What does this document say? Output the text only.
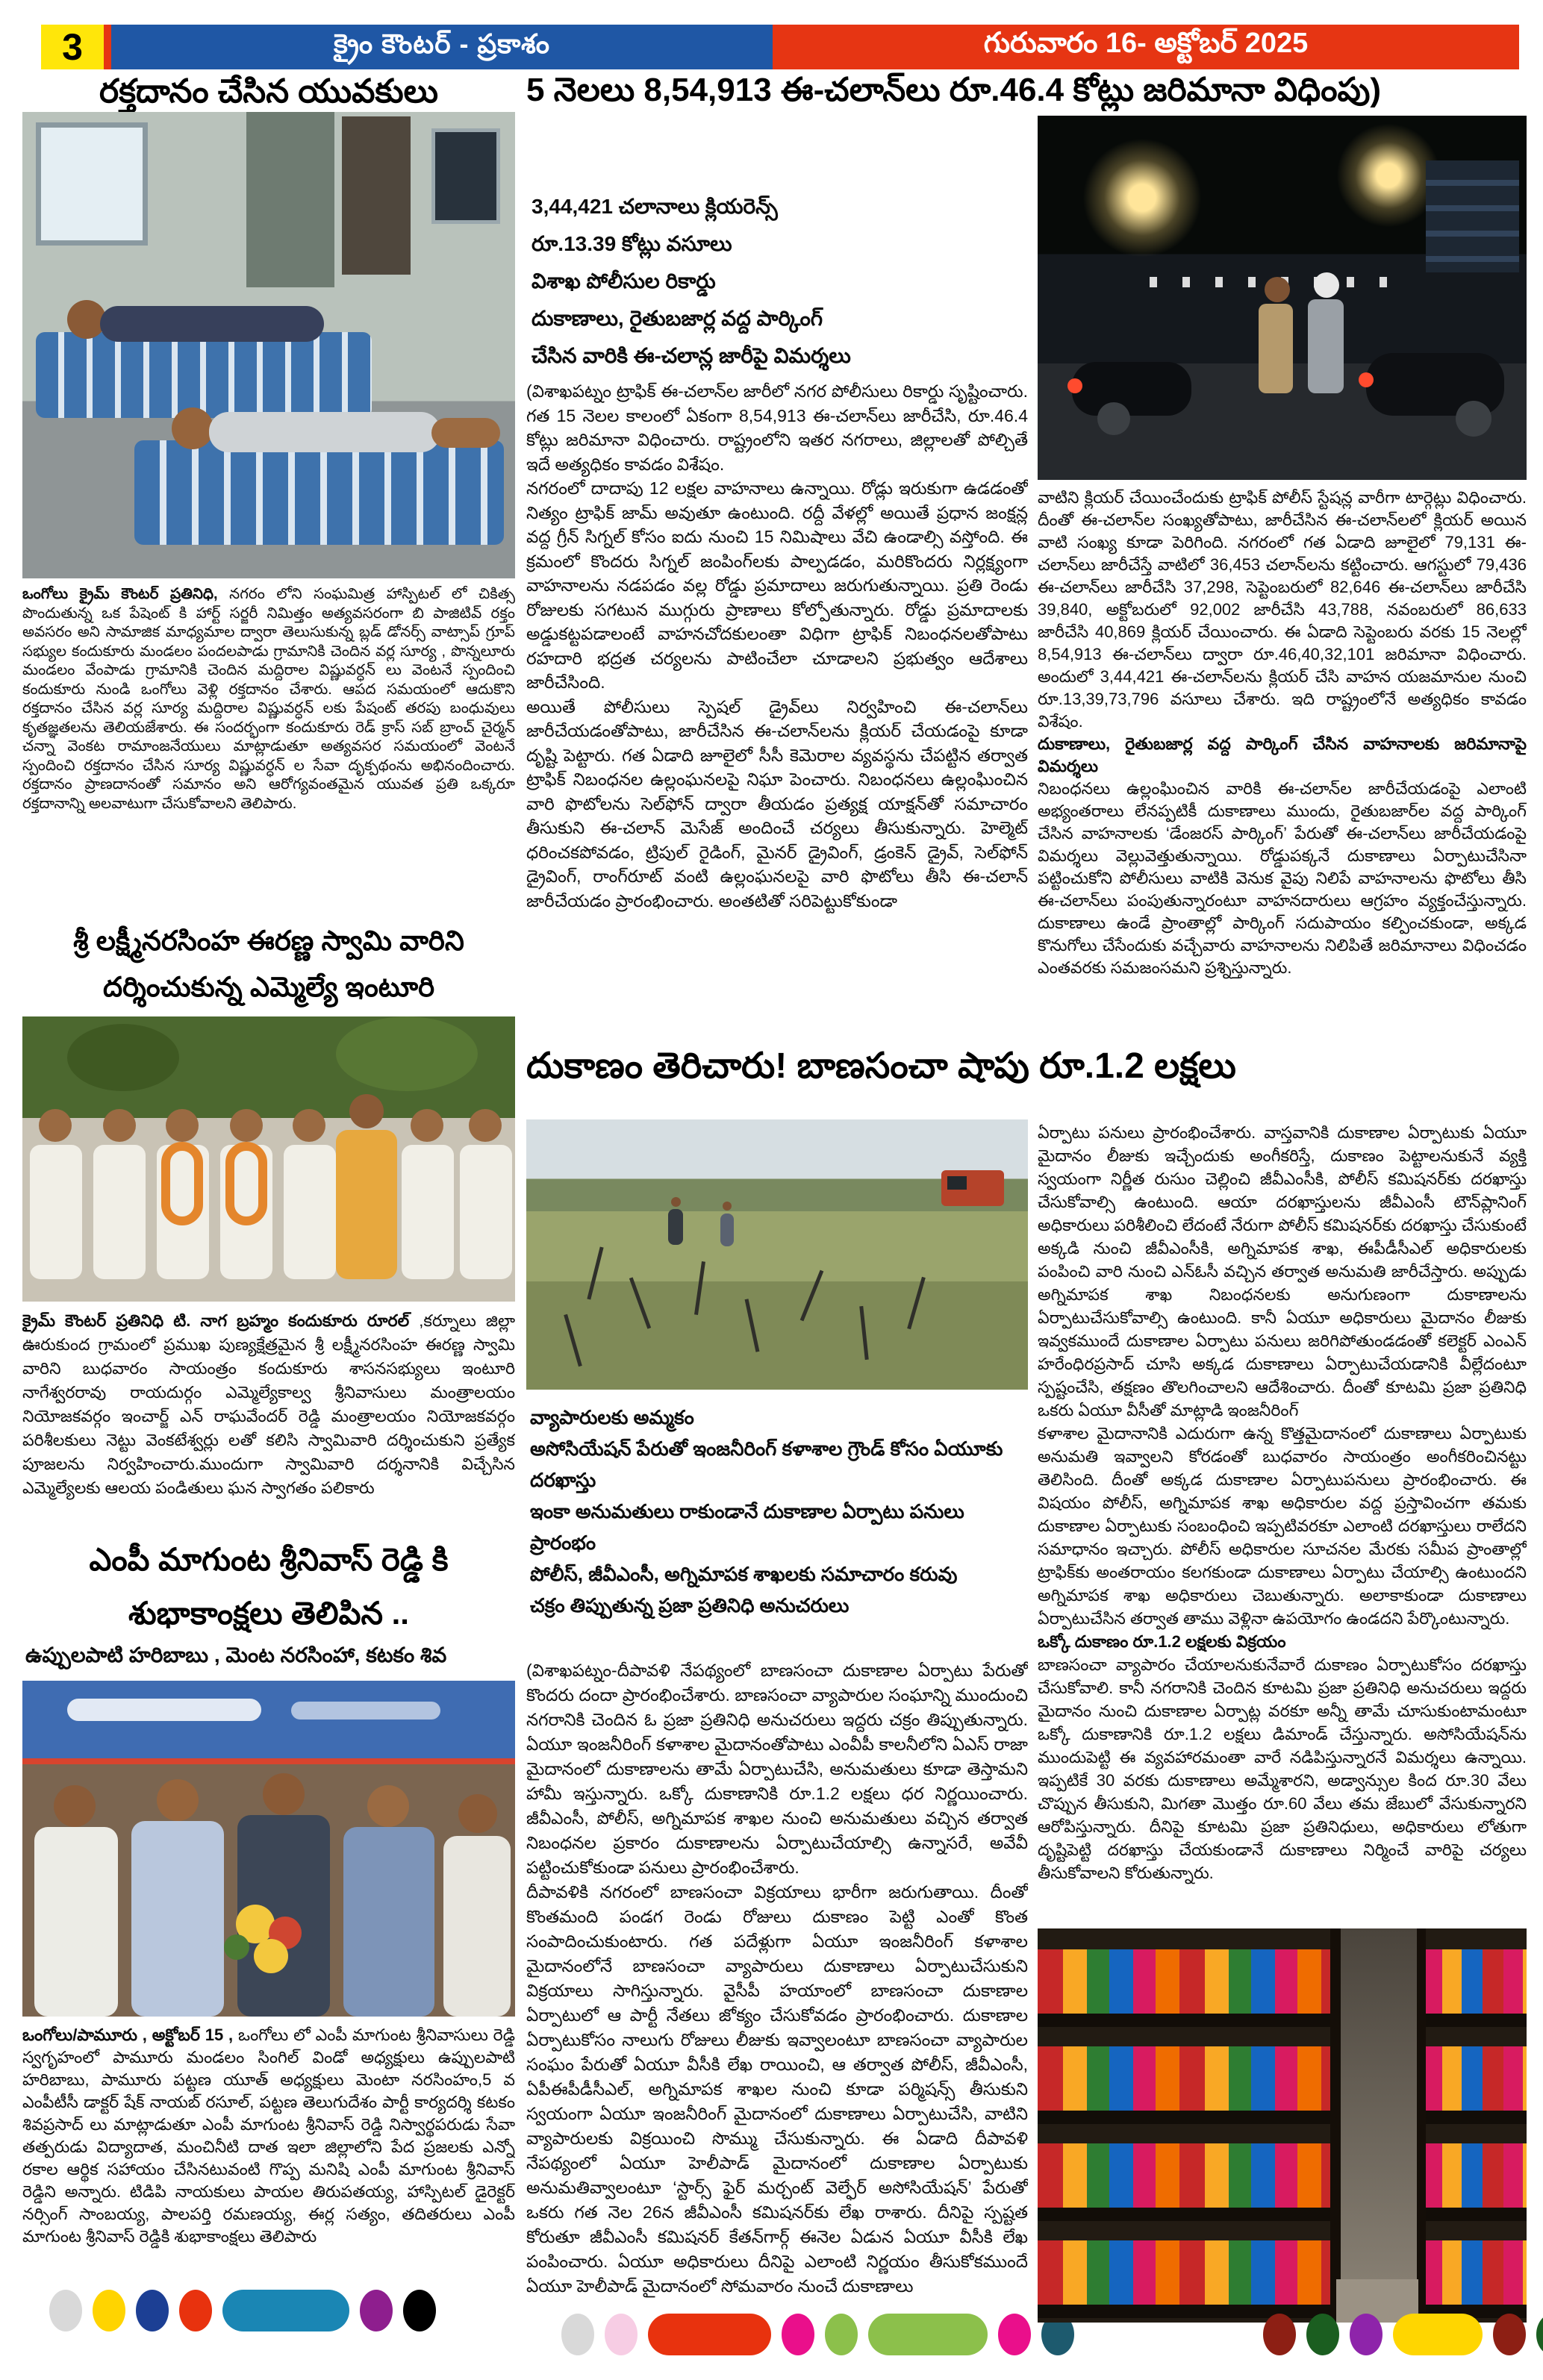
3	క్రైం కౌంటర్ - ప్రకాశం	గురువారం 16- అక్టోబర్ 2025
రక్తదానం చేసిన యువకులు
ఒంగోలు క్రైమ్ కౌంటర్ ప్రతినిధి, నగరం లోని సంఘమిత్ర హాస్పిటల్ లో చికిత్స పొందుతున్న ఒక పేషెంట్ కి హార్ట్ సర్జరీ నిమిత్తం అత్యవసరంగా బి పాజిటివ్ రక్తం అవసరం అని సామాజిక మాధ్యమాల ద్వారా తెలుసుకున్న బ్లడ్ డోనర్స్ వాట్సాప్ గ్రూప్ సభ్యుల కందుకూరు మండలం పందలపాడు గ్రామానికి చెందిన వర్ల సూర్య , పొన్నలూరు మండలం వేంపాడు గ్రామానికి చెందిన మద్దిరాల విష్ణువర్ధన్ లు వెంటనే స్పందించి కందుకూరు నుండి ఒంగోలు వెళ్లి రక్తదానం చేశారు. ఆపద సమయంలో ఆదుకొని రక్తదానం చేసిన వర్ల సూర్య మద్దిరాల విష్ణువర్ధన్ లకు పేషంట్ తరపు బంధువులు కృతజ్ఞతలను తెలియజేశారు. ఈ సందర్భంగా కందుకూరు రెడ్ క్రాస్ సబ్ బ్రాంచ్ చైర్మన్ చన్నా వెంకట రామాంజనేయులు మాట్లాడుతూ అత్యవసర సమయంలో వెంటనే స్పందించి రక్తదానం చేసిన సూర్య విష్ణువర్ధన్ ల సేవా దృక్పథంను అభినందించారు. రక్తదానం ప్రాణదానంతో సమానం అని ఆరోగ్యవంతమైన యువత ప్రతి ఒక్కరూ రక్తదానాన్ని అలవాటుగా చేసుకోవాలని తెలిపారు.
శ్రీ లక్ష్మీనరసింహ ఈరణ్ణ స్వామి వారిని దర్శించుకున్న ఎమ్మెల్యే ఇంటూరి
క్రైమ్ కౌంటర్ ప్రతినిధి టి. నాగ బ్రహ్మం కందుకూరు రూరల్ ,కర్నూలు జిల్లా ఊరుకుంద గ్రామంలో ప్రముఖ పుణ్యక్షేత్రమైన శ్రీ లక్ష్మీనరసింహ ఈరణ్ణ స్వామి వారిని బుధవారం సాయంత్రం కందుకూరు శాసనసభ్యులు ఇంటూరి నాగేశ్వరరావు రాయదుర్గం ఎమ్మెల్యేకాల్వ శ్రీనివాసులు మంత్రాలయం నియోజకవర్గం ఇంచార్జ్ ఎన్ రాఘవేందర్ రెడ్డి మంత్రాలయం నియోజకవర్గం పరిశీలకులు నెట్టు వెంకటేశ్వర్లు లతో కలిసి స్వామివారి దర్శించుకుని ప్రత్యేక పూజలను నిర్వహించారు.ముందుగా స్వామివారి దర్శనానికి విచ్చేసిన ఎమ్మెల్యేలకు ఆలయ పండితులు ఘన స్వాగతం పలికారు
ఎంపీ మాగుంట శ్రీనివాస్ రెడ్డి కి శుభాకాంక్షలు తెలిపిన ..
ఉప్పులపాటి హరిబాబు , మెంట నరసింహా, కటకం శివ
ఒంగోలు/పామూరు , అక్టోబర్ 15 , ఒంగోలు లో ఎంపీ మాగుంట శ్రీనివాసులు రెడ్డి స్వగృహంలో పామూరు మండలం సింగిల్ విండో అధ్యక్షులు ఉప్పులపాటి హరిబాబు, పామూరు పట్టణ యూత్ అధ్యక్షులు మెంటా నరసింహం,5 వ ఎంపీటీసీ డాక్టర్ షేక్ నాయబ్ రసూల్, పట్టణ తెలుగుదేశం పార్టీ కార్యదర్శి కటకం శివప్రసాద్ లు మాట్లాడుతూ ఎంపీ మాగుంట శ్రీనివాస్ రెడ్డి నిస్వార్థపరుడు సేవా తత్పరుడు విద్యాదాత, మంచినీటి దాత ఇలా జిల్లాలోని పేద ప్రజలకు ఎన్నో రకాల ఆర్థిక సహాయం చేసినటువంటి గొప్ప మనిషి ఎంపీ మాగుంట శ్రీనివాస్ రెడ్డిని అన్నారు. టిడిపి నాయకులు పాయల తిరుపతయ్య, హాస్పిటల్ డైరెక్టర్ నర్సింగ్ సాంబయ్య, పాలపర్తి రమణయ్య, ఈర్ల సత్యం, తదితరులు ఎంపీ మాగుంట శ్రీనివాస్ రెడ్డికి శుభాకాంక్షలు తెలిపారు
5 నెలలు 8,54,913 ఈ-చలాన్‌లు రూ.46.4 కోట్లు జరిమానా విధింపు)
3,44,421 చలానాలు క్లియరెన్స్
రూ.13.39 కోట్లు వసూలు
విశాఖ పోలీసుల రికార్డు
దుకాణాలు, రైతుబజార్ల వద్ద పార్కింగ్
చేసిన వారికి ఈ-చలాన్ల జారీపై విమర్శలు
(విశాఖపట్నం ట్రాఫిక్ ఈ-చలాన్‌ల జారీలో నగర పోలీసులు రికార్డు సృష్టించారు. గత 15 నెలల కాలంలో ఏకంగా 8,54,913 ఈ-చలాన్‌లు జారీచేసి, రూ.46.4 కోట్లు జరిమానా విధించారు. రాష్ట్రంలోని ఇతర నగరాలు, జిల్లాలతో పోల్చితే ఇదే అత్యధికం కావడం విశేషం.
నగరంలో దాదాపు 12 లక్షల వాహనాలు ఉన్నాయి. రోడ్లు ఇరుకుగా ఉడడంతో నిత్యం ట్రాఫిక్ జామ్ అవుతూ ఉంటుంది. రద్దీ వేళల్లో అయితే ప్రధాన జంక్షన్ల వద్ద గ్రీన్ సిగ్నల్ కోసం ఐదు నుంచి 15 నిమిషాలు వేచి ఉండాల్సి వస్తోంది. ఈ క్రమంలో కొందరు సిగ్నల్ జంపింగ్‌లకు పాల్పడడం, మరికొందరు నిర్లక్ష్యంగా వాహనాలను నడపడం వల్ల రోడ్డు ప్రమాదాలు జరుగుతున్నాయి. ప్రతి రెండు రోజులకు సగటున ముగ్గురు ప్రాణాలు కోల్పోతున్నారు. రోడ్డు ప్రమాదాలకు అడ్డుకట్టపడాలంటే వాహనచోదకులంతా విధిగా ట్రాఫిక్ నిబంధనలతోపాటు రహదారి భద్రత చర్యలను పాటించేలా చూడాలని ప్రభుత్వం ఆదేశాలు జారీచేసింది.
అయితే పోలీసులు స్పెషల్ డ్రైవ్‌లు నిర్వహించి ఈ-చలాన్‌లు జారీచేయడంతోపాటు, జారీచేసిన ఈ-చలాన్‌లను క్లియర్ చేయడంపై కూడా దృష్టి పెట్టారు. గత ఏడాది జూలైలో సీసీ కెమెరాల వ్యవస్థను చేపట్టిన తర్వాత ట్రాఫిక్ నిబంధనల ఉల్లంఘనలపై నిఘా పెంచారు. నిబంధనలు ఉల్లంఘించిన వారి ఫొటోలను సెల్‌ఫోన్ ద్వారా తీయడం ప్రత్యక్ష యాక్షన్‌తో సమాచారం తీసుకుని ఈ-చలాన్ మెసేజ్ అందించే చర్యలు తీసుకున్నారు. హెల్మెట్ ధరించకపోవడం, ట్రిపుల్ రైడింగ్, మైనర్ డ్రైవింగ్, డ్రంకెన్ డ్రైవ్, సెల్‌ఫోన్ డ్రైవింగ్, రాంగ్‌రూట్ వంటి ఉల్లంఘనలపై వారి ఫొటోలు తీసి ఈ-చలాన్ జారీచేయడం ప్రారంభించారు. అంతటితో సరిపెట్టుకోకుండా
దుకాణం తెరిచారు! బాణసంచా షాపు రూ.1.2 లక్షలు
వ్యాపారులకు అమ్మకం
అసోసియేషన్ పేరుతో ఇంజనీరింగ్ కళాశాల గ్రౌండ్ కోసం ఏయూకు దరఖాస్తు
ఇంకా అనుమతులు రాకుండానే దుకాణాల ఏర్పాటు పనులు ప్రారంభం
పోలీస్, జీవీఎంసీ, అగ్నిమాపక శాఖలకు సమాచారం కరువు
చక్రం తిప్పుతున్న ప్రజా ప్రతినిధి అనుచరులు
(విశాఖపట్నం-దీపావళి నేపథ్యంలో బాణసంచా దుకాణాల ఏర్పాటు పేరుతో కొందరు దందా ప్రారంభించేశారు. బాణసంచా వ్యాపారుల సంఘాన్ని ముందుంచి నగరానికి చెందిన ఓ ప్రజా ప్రతినిధి అనుచరులు ఇద్దరు చక్రం తిప్పుతున్నారు. ఏయూ ఇంజనీరింగ్ కళాశాల మైదానంతోపాటు ఎంవీపీ కాలనీలోని ఏఎస్ రాజా మైదానంలో దుకాణాలను తామే ఏర్పాటుచేసి, అనుమతులు కూడా తెస్తామని హామీ ఇస్తున్నారు. ఒక్కో దుకాణానికి రూ.1.2 లక్షలు ధర నిర్ణయించారు. జీవీఎంసీ, పోలీస్, అగ్నిమాపక శాఖల నుంచి అనుమతులు వచ్చిన తర్వాత నిబంధనల ప్రకారం దుకాణాలను ఏర్పాటుచేయాల్సి ఉన్నాసరే, అవేవీ పట్టించుకోకుండా పనులు ప్రారంభించేశారు.
దీపావళికి నగరంలో బాణసంచా విక్రయాలు భారీగా జరుగుతాయి. దీంతో కొంతమంది పండగ రెండు రోజులు దుకాణం పెట్టి ఎంతో కొంత సంపాదించుకుంటారు. గత పదేళ్లుగా ఏయూ ఇంజనీరింగ్ కళాశాల మైదానంలోనే బాణసంచా వ్యాపారులు దుకాణాలు ఏర్పాటుచేసుకుని విక్రయాలు సాగిస్తున్నారు. వైసీపీ హయాంలో బాణసంచా దుకాణాల ఏర్పాటులో ఆ పార్టీ నేతలు జోక్యం చేసుకోవడం ప్రారంభించారు. దుకాణాల ఏర్పాటుకోసం నాలుగు రోజులు లీజుకు ఇవ్వాలంటూ బాణసంచా వ్యాపారుల సంఘం పేరుతో ఏయూ వీసీకి లేఖ రాయించి, ఆ తర్వాత పోలీస్, జీవీఎంసీ, ఏపీఈపీడీసీఎల్, అగ్నిమాపక శాఖల నుంచి కూడా పర్మిషన్స్ తీసుకుని స్వయంగా ఏయూ ఇంజనీరింగ్ మైదానంలో దుకాణాలు ఏర్పాటుచేసి, వాటిని వ్యాపారులకు విక్రయించి సొమ్ము చేసుకున్నారు. ఈ ఏడాది దీపావళి నేపథ్యంలో ఏయూ హెలీపాడ్ మైదానంలో దుకాణాల ఏర్పాటుకు అనుమతివ్వాలంటూ ‘స్టార్స్ ఫైర్ మర్చంట్ వెల్ఫేర్ అసోసియేషన్’ పేరుతో ఒకరు గత నెల 26న జీవీఎంసీ కమిషనర్‌కు లేఖ రాశారు. దీనిపై స్పష్టత కోరుతూ జీవీఎంసీ కమిషనర్ కేతన్‌గార్గ్ ఈనెల ఏడున ఏయూ వీసీకి లేఖ పంపించారు. ఏయూ అధికారులు దీనిపై ఎలాంటి నిర్ణయం తీసుకోకముందే ఏయూ హెలీపాడ్ మైదానంలో సోమవారం నుంచే దుకాణాలు
వాటిని క్లియర్ చేయించేందుకు ట్రాఫిక్ పోలీస్ స్టేషన్ల వారీగా టార్గెట్లు విధించారు. దీంతో ఈ-చలాన్‌ల సంఖ్యతోపాటు, జారీచేసిన ఈ-చలాన్‌లలో క్లియర్ అయిన వాటి సంఖ్య కూడా పెరిగింది. నగరంలో గత ఏడాది జూలైలో 79,131 ఈ-చలాన్‌లు జారీచేస్తే వాటిలో 36,453 చలాన్‌లను కట్టించారు. ఆగస్టులో 79,436 ఈ-చలాన్‌లు జారీచేసి 37,298, సెప్టెంబరులో 82,646 ఈ-చలాన్‌లు జారీచేసి 39,840, అక్టోబరులో 92,002 జారీచేసి 43,788, నవంబరులో 86,633 జారీచేసి 40,869 క్లియర్ చేయించారు. ఈ ఏడాది సెప్టెంబరు వరకు 15 నెలల్లో 8,54,913 ఈ-చలాన్‌లు ద్వారా రూ.46,40,32,101 జరిమానా విధించారు. అందులో 3,44,421 ఈ-చలాన్‌లను క్లియర్ చేసి వాహన యజమానుల నుంచి రూ.13,39,73,796 వసూలు చేశారు. ఇది రాష్ట్రంలోనే అత్యధికం కావడం విశేషం.
దుకాణాలు, రైతుబజార్ల వద్ద పార్కింగ్ చేసిన వాహనాలకు జరిమానాపై విమర్శలు
నిబంధనలు ఉల్లంఘించిన వారికి ఈ-చలాన్‌ల జారీచేయడంపై ఎలాంటి అభ్యంతరాలు లేనప్పటికీ దుకాణాలు ముందు, రైతుబజార్‌ల వద్ద పార్కింగ్ చేసిన వాహనాలకు ‘డేంజరస్ పార్కింగ్’ పేరుతో ఈ-చలాన్‌లు జారీచేయడంపై విమర్శలు వెల్లువెత్తుతున్నాయి. రోడ్డుపక్కనే దుకాణాలు ఏర్పాటుచేసినా పట్టించుకోని పోలీసులు వాటికి వెనుక వైపు నిలిపే వాహనాలను ఫొటోలు తీసి ఈ-చలాన్‌లు పంపుతున్నారంటూ వాహనదారులు ఆగ్రహం వ్యక్తంచేస్తున్నారు. దుకాణాలు ఉండే ప్రాంతాల్లో పార్కింగ్ సదుపాయం కల్పించకుండా, అక్కడ కొనుగోలు చేసేందుకు వచ్చేవారు వాహనాలను నిలిపితే జరిమానాలు విధించడం ఎంతవరకు సమజంసమని ప్రశ్నిస్తున్నారు.
ఏర్పాటు పనులు ప్రారంభించేశారు. వాస్తవానికి దుకాణాల ఏర్పాటుకు ఏయూ మైదానం లీజుకు ఇచ్చేందుకు అంగీకరిస్తే, దుకాణం పెట్టాలనుకునే వ్యక్తి స్వయంగా నిర్ణీత రుసుం చెల్లించి జీవీఎంసీకి, పోలీస్ కమిషనర్‌కు దరఖాస్తు చేసుకోవాల్సి ఉంటుంది. ఆయా దరఖాస్తులను జీవీఎంసీ టౌన్‌ప్లానింగ్ అధికారులు పరిశీలించి లేదంటే నేరుగా పోలీస్ కమిషనర్‌కు దరఖాస్తు చేసుకుంటే అక్కడి నుంచి జీవీఎంసీకి, అగ్నిమాపక శాఖ, ఈపీడీసీఎల్ అధికారులకు పంపించి వారి నుంచి ఎన్ఓసీ వచ్చిన తర్వాత అనుమతి జారీచేస్తారు. అప్పుడు అగ్నిమాపక శాఖ నిబంధనలకు అనుగుణంగా దుకాణాలను ఏర్పాటుచేసుకోవాల్సి ఉంటుంది. కానీ ఏయూ అధికారులు మైదానం లీజుకు ఇవ్వకముందే దుకాణాల ఏర్పాటు పనులు జరిగిపోతుండడంతో కలెక్టర్ ఎంఎన్ హరేంధిరప్రసాద్ చూసి అక్కడ దుకాణాలు ఏర్పాటుచేయడానికి వీల్లేదంటూ స్పష్టంచేసి, తక్షణం తొలగించాలని ఆదేశించారు. దీంతో కూటమి ప్రజా ప్రతినిధి ఒకరు ఏయూ వీసీతో మాట్లాడి ఇంజనీరింగ్
కళాశాల మైదానానికి ఎదురుగా ఉన్న కొత్తమైదానంలో దుకాణాలు ఏర్పాటుకు అనుమతి ఇవ్వాలని కోరడంతో బుధవారం సాయంత్రం అంగీకరించినట్టు తెలిసింది. దీంతో అక్కడ దుకాణాల ఏర్పాటుపనులు ప్రారంభించారు. ఈ విషయం పోలీస్, అగ్నిమాపక శాఖ అధికారుల వద్ద ప్రస్తావించగా తమకు దుకాణాల ఏర్పాటుకు సంబంధించి ఇప్పటివరకూ ఎలాంటి దరఖాస్తులు రాలేదని సమాధానం ఇచ్చారు. పోలీస్ అధికారుల సూచనల మేరకు సమీప ప్రాంతాల్లో ట్రాఫిక్‌కు అంతరాయం కలగకుండా దుకాణాలు ఏర్పాటు చేయాల్సి ఉంటుందని అగ్నిమాపక శాఖ అధికారులు చెబుతున్నారు. అలాకాకుండా దుకాణాలు ఏర్పాటుచేసిన తర్వాత తాము వెళ్లినా ఉపయోగం ఉండదని పేర్కొంటున్నారు.
ఒక్కో దుకాణం రూ.1.2 లక్షలకు విక్రయం
బాణసంచా వ్యాపారం చేయాలనుకునేవారే దుకాణం ఏర్పాటుకోసం దరఖాస్తు చేసుకోవాలి. కానీ నగరానికి చెందిన కూటమి ప్రజా ప్రతినిధి అనుచరులు ఇద్దరు మైదానం నుంచి దుకాణాల ఏర్పాట్ల వరకూ అన్నీ తామే చూసుకుంటామంటూ ఒక్కో దుకాణానికి రూ.1.2 లక్షలు డిమాండ్ చేస్తున్నారు. అసోసియేషన్‌ను ముందుపెట్టి ఈ వ్యవహారమంతా వారే నడిపిస్తున్నారనే విమర్శలు ఉన్నాయి. ఇప్పటికే 30 వరకు దుకాణాలు అమ్మేశారని, అడ్వాన్సుల కింద రూ.30 వేలు చొప్పున తీసుకుని, మిగతా మొత్తం రూ.60 వేలు తమ జేబులో వేసుకున్నారని ఆరోపిస్తున్నారు. దీనిపై కూటమి ప్రజా ప్రతినిధులు, అధికారులు లోతుగా దృష్టిపెట్టి దరఖాస్తు చేయకుండానే దుకాణాలు నిర్మించే వారిపై చర్యలు తీసుకోవాలని కోరుతున్నారు.
